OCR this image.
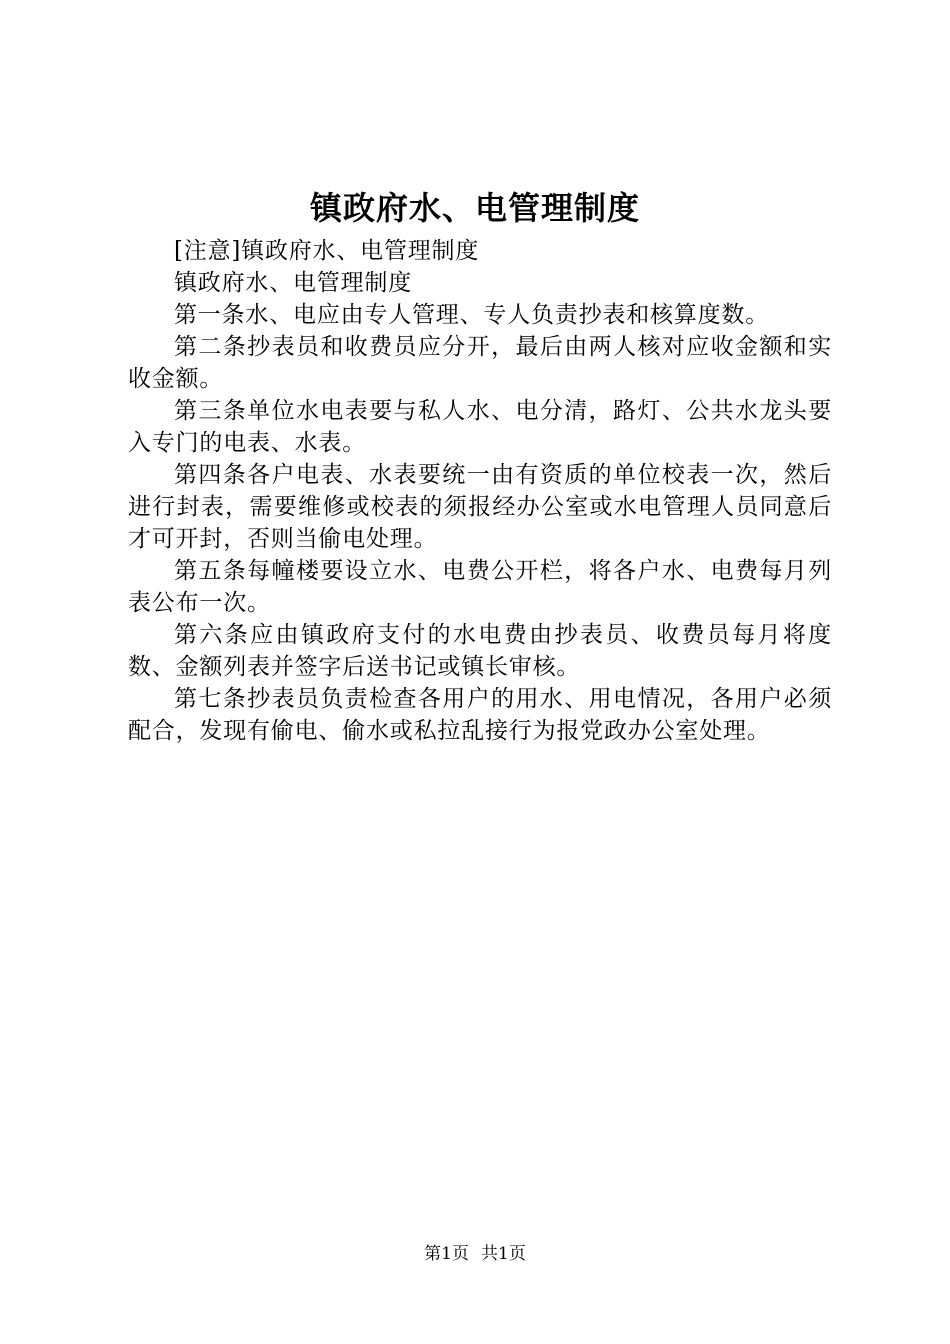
镇政府水、电管理制度

[注意]镇政府水、电管理制度

镇政府水、电管理制度

第一条水、电应由专人管理、专人负责抄表和核算度数。

第二条抄表员和收费员应分开，最后由两人核对应收金额和实收金额。

第三条单位水电表要与私人水、电分清，路灯、公共水龙头要入专门的电表、水表。

第四条各户电表、水表要统一由有资质的单位校表一次，然后进行封表，需要维修或校表的须报经办公室或水电管理人员同意后才可开封，否则当偷电处理。

第五条每幢楼要设立水、电费公开栏，将各户水、电费每月列表公布一次。

第六条应由镇政府支付的水电费由抄表员、收费员每月将度数、金额列表并签字后送书记或镇长审核。

第七条抄表员负责检查各用户的用水、用电情况，各用户必须配合，发现有偷电、偷水或私拉乱接行为报党政办公室处理。

第1页 共1页
